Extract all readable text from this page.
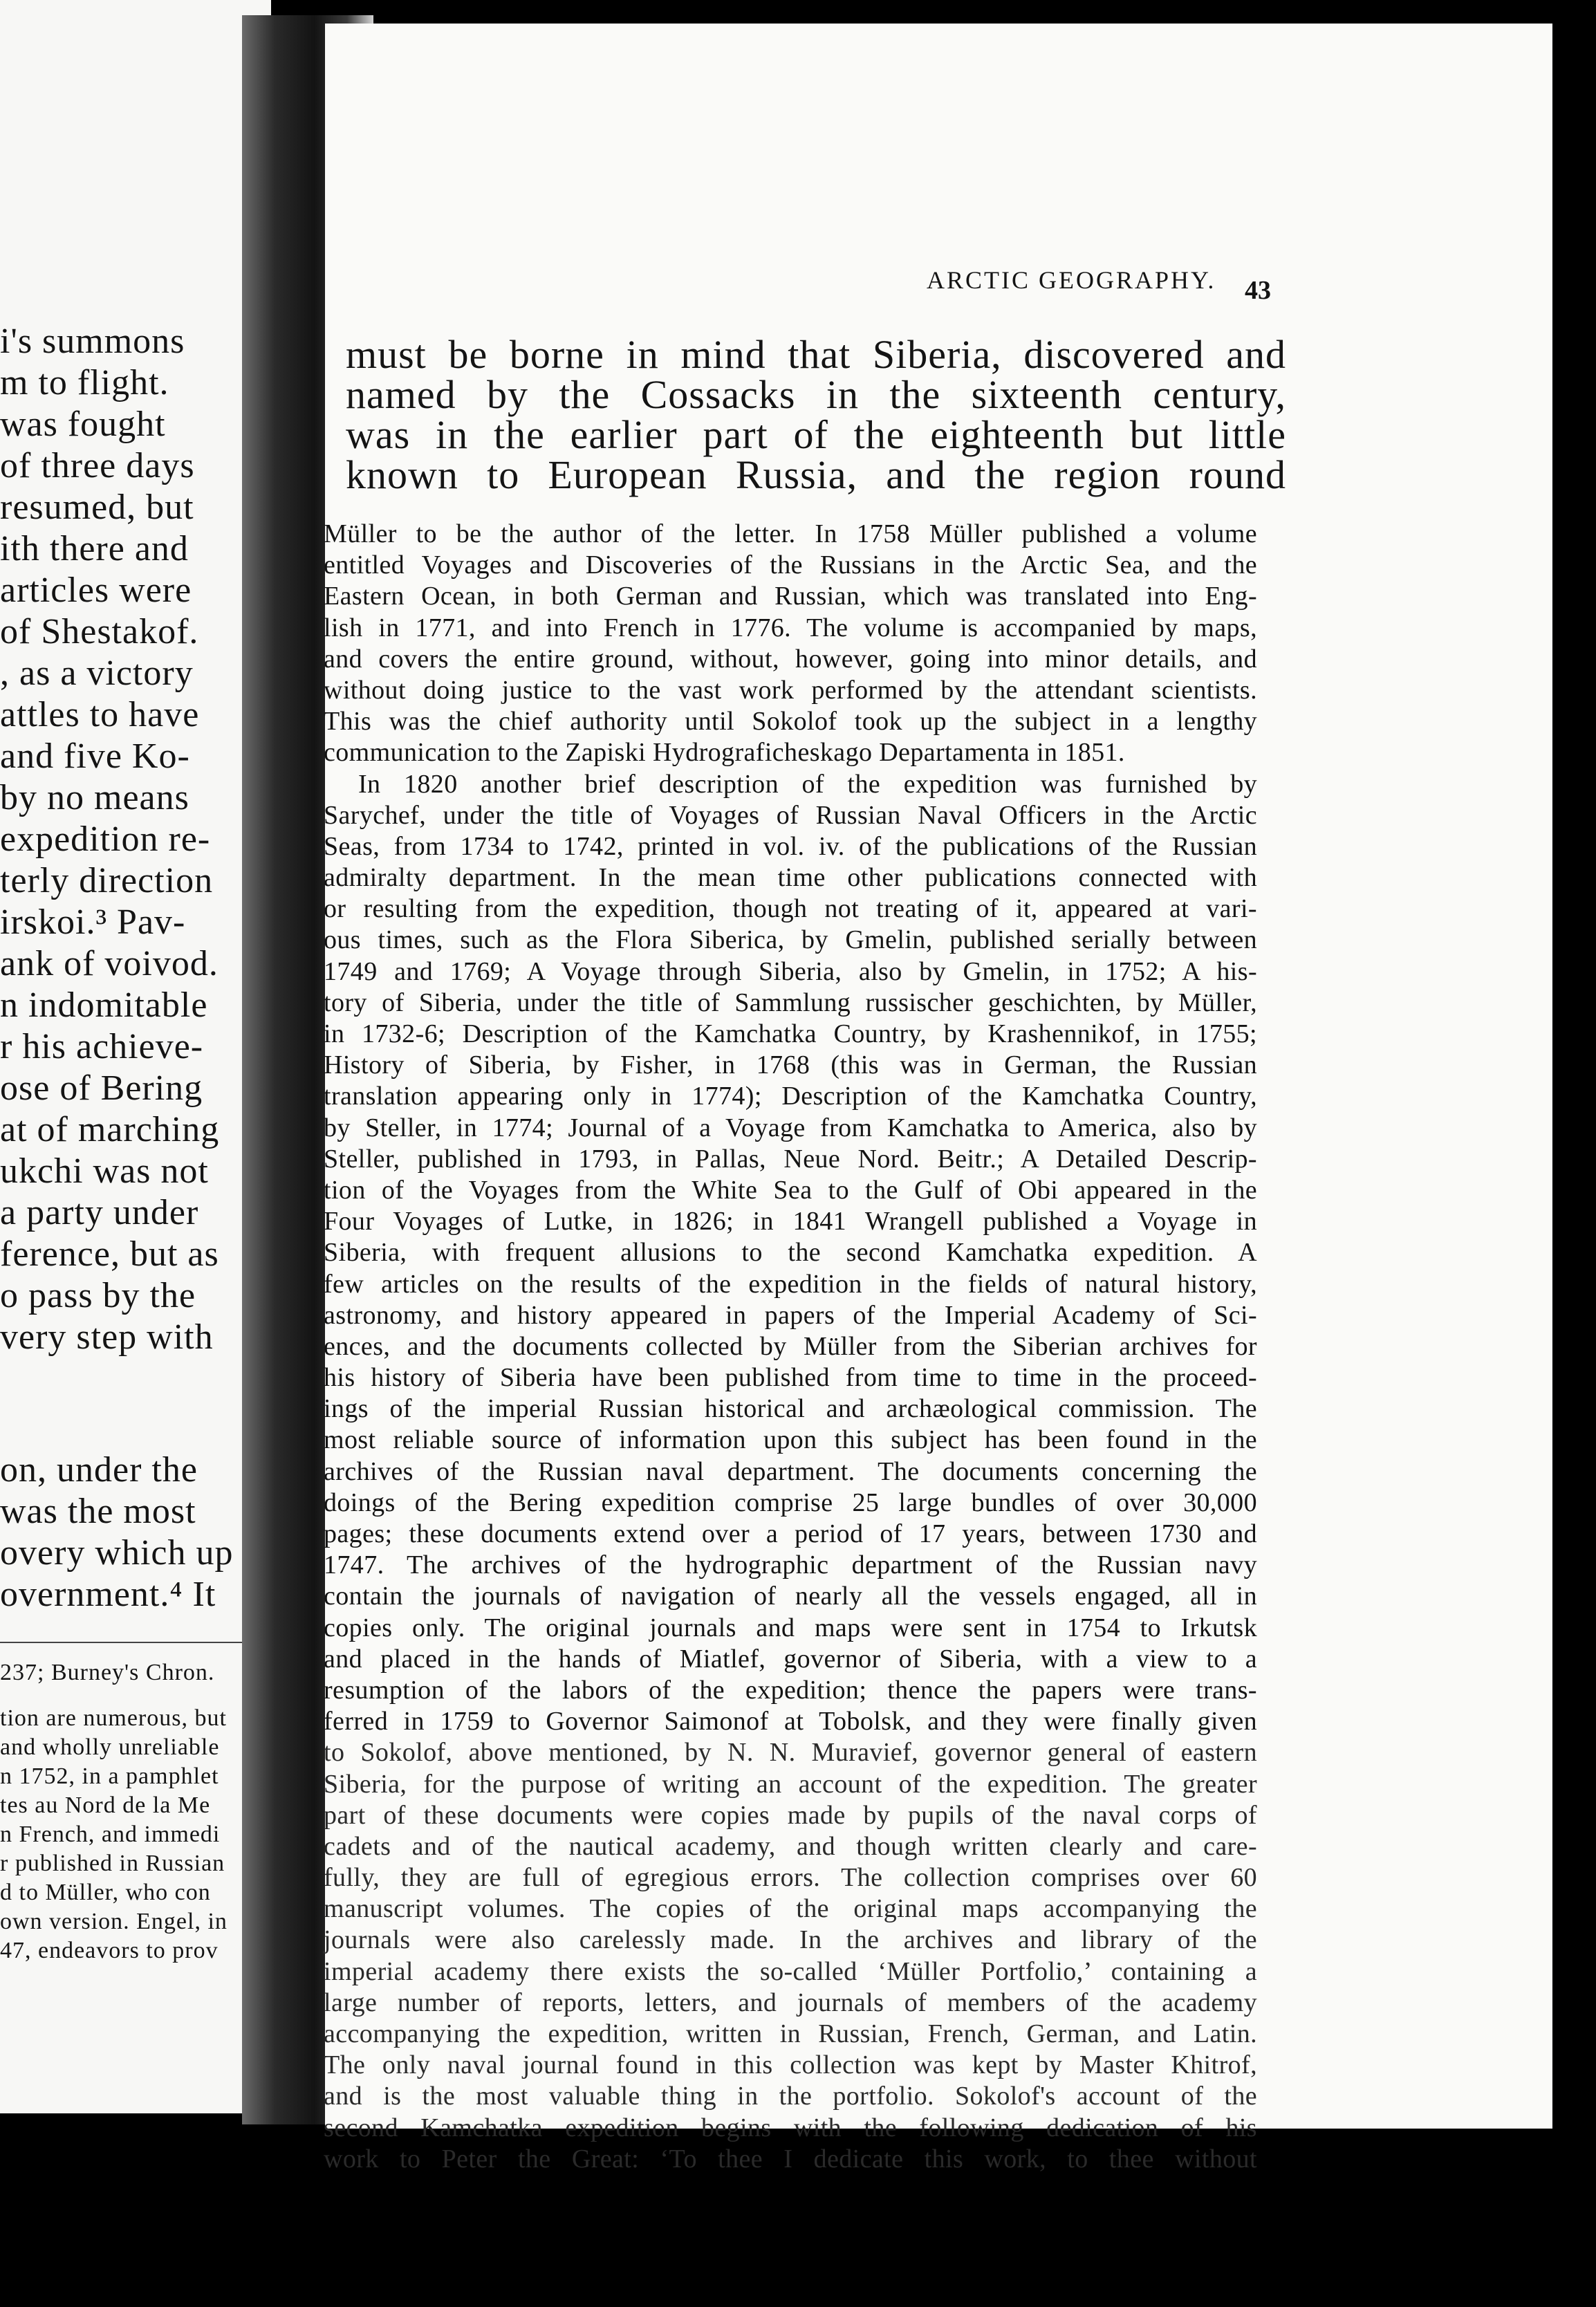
i's summons
m to flight.
was fought
of three days
resumed, but
ith there and
articles were
of Shestakof.
, as a victory
attles to have
and five Ko-
by no means
expedition re-
terly direction
irskoi.³ Pav-
ank of voivod.
n indomitable
r his achieve-
ose of Bering
at of marching
ukchi was not
a party under
ference, but as
o pass by the
very step with
on, under the
was the most
overy which up
overnment.⁴ It
237; Burney's Chron.
tion are numerous, but
and wholly unreliable
n 1752, in a pamphlet
tes au Nord de la Me
n French, and immedi
r published in Russian
d to Müller, who con
own version. Engel, in
47, endeavors to prov
ARCTIC GEOGRAPHY. 43
must be borne in mind that Siberia, discovered and
named by the Cossacks in the sixteenth century,
was in the earlier part of the eighteenth but little
known to European Russia, and the region round
Müller to be the author of the letter. In 1758 Müller published a volume
entitled Voyages and Discoveries of the Russians in the Arctic Sea, and the
Eastern Ocean, in both German and Russian, which was translated into Eng-
lish in 1771, and into French in 1776. The volume is accompanied by maps,
and covers the entire ground, without, however, going into minor details, and
without doing justice to the vast work performed by the attendant scientists.
This was the chief authority until Sokolof took up the subject in a lengthy
communication to the Zapiski Hydrograficheskago Departamenta in 1851.
In 1820 another brief description of the expedition was furnished by
Sarychef, under the title of Voyages of Russian Naval Officers in the Arctic
Seas, from 1734 to 1742, printed in vol. iv. of the publications of the Russian
admiralty department. In the mean time other publications connected with
or resulting from the expedition, though not treating of it, appeared at vari-
ous times, such as the Flora Siberica, by Gmelin, published serially between
1749 and 1769; A Voyage through Siberia, also by Gmelin, in 1752; A his-
tory of Siberia, under the title of Sammlung russischer geschichten, by Müller,
in 1732-6; Description of the Kamchatka Country, by Krashennikof, in 1755;
History of Siberia, by Fisher, in 1768 (this was in German, the Russian
translation appearing only in 1774); Description of the Kamchatka Country,
by Steller, in 1774; Journal of a Voyage from Kamchatka to America, also by
Steller, published in 1793, in Pallas, Neue Nord. Beitr.; A Detailed Descrip-
tion of the Voyages from the White Sea to the Gulf of Obi appeared in the
Four Voyages of Lutke, in 1826; in 1841 Wrangell published a Voyage in
Siberia, with frequent allusions to the second Kamchatka expedition. A
few articles on the results of the expedition in the fields of natural history,
astronomy, and history appeared in papers of the Imperial Academy of Sci-
ences, and the documents collected by Müller from the Siberian archives for
his history of Siberia have been published from time to time in the proceed-
ings of the imperial Russian historical and archæological commission. The
most reliable source of information upon this subject has been found in the
archives of the Russian naval department. The documents concerning the
doings of the Bering expedition comprise 25 large bundles of over 30,000
pages; these documents extend over a period of 17 years, between 1730 and
1747. The archives of the hydrographic department of the Russian navy
contain the journals of navigation of nearly all the vessels engaged, all in
copies only. The original journals and maps were sent in 1754 to Irkutsk
and placed in the hands of Miatlef, governor of Siberia, with a view to a
resumption of the labors of the expedition; thence the papers were trans-
ferred in 1759 to Governor Saimonof at Tobolsk, and they were finally given
to Sokolof, above mentioned, by N. N. Muravief, governor general of eastern
Siberia, for the purpose of writing an account of the expedition. The greater
part of these documents were copies made by pupils of the naval corps of
cadets and of the nautical academy, and though written clearly and care-
fully, they are full of egregious errors. The collection comprises over 60
manuscript volumes. The copies of the original maps accompanying the
journals were also carelessly made. In the archives and library of the
imperial academy there exists the so-called ‘Müller Portfolio,’ containing a
large number of reports, letters, and journals of members of the academy
accompanying the expedition, written in Russian, French, German, and Latin.
The only naval journal found in this collection was kept by Master Khitrof,
and is the most valuable thing in the portfolio. Sokolof's account of the
second Kamchatka expedition begins with the following dedication of his
work to Peter the Great: ‘To thee I dedicate this work, to thee without
